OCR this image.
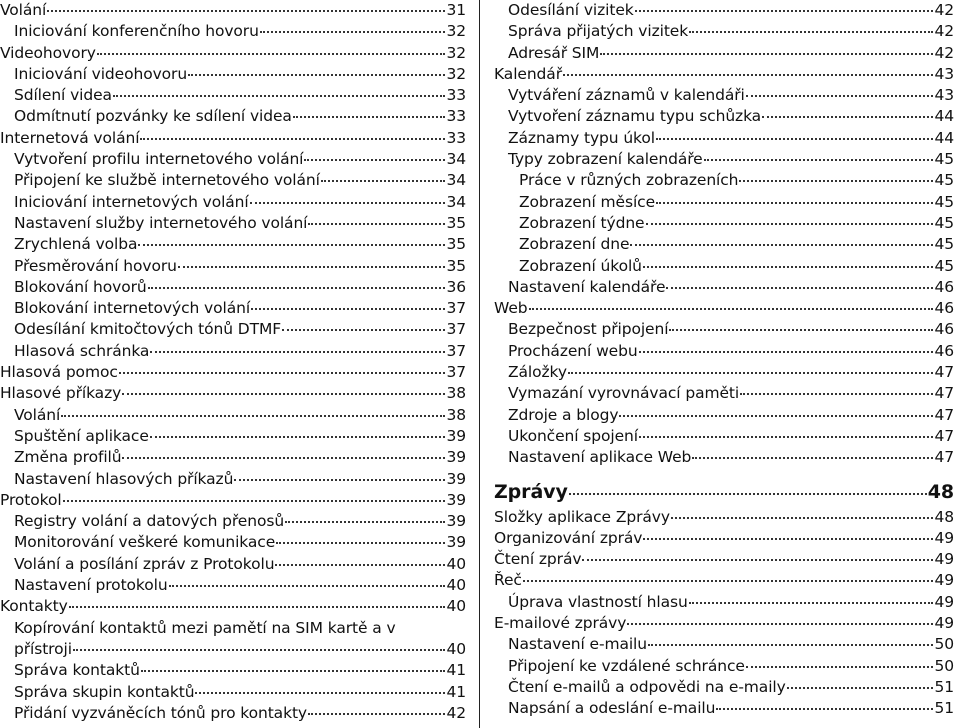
Volání	31
Iniciování konferenčního hovoru	32
Videohovory	32
Iniciování videohovoru	32
Sdílení videa	33
Odmítnutí pozvánky ke sdílení videa	33
Internetová volání	33
Vytvoření profilu internetového volání	34
Připojení ke službě internetového volání	34
Iniciování internetových volání	34
Nastavení služby internetového volání	35
Zrychlená volba	35
Přesměrování hovoru	35
Blokování hovorů	36
Blokování internetových volání	37
Odesílání kmitočtových tónů DTMF	37
Hlasová schránka	37
Hlasová pomoc	37
Hlasové příkazy	38
Volání	38
Spuštění aplikace	39
Změna profilů	39
Nastavení hlasových příkazů	39
Protokol	39
Registry volání a datových přenosů	39
Monitorování veškeré komunikace	39
Volání a posílání zpráv z Protokolu	40
Nastavení protokolu	40
Kontakty	40
Kopírování kontaktů mezi pamětí na SIM kartě a v
přístroji	40
Správa kontaktů	41
Správa skupin kontaktů	41
Přidání vyzváněcích tónů pro kontakty	42
Odesílání vizitek	42
Správa přijatých vizitek	42
Adresář SIM	42
Kalendář	43
Vytváření záznamů v kalendáři	43
Vytvoření záznamu typu schůzka	44
Záznamy typu úkol	44
Typy zobrazení kalendáře	45
Práce v různých zobrazeních	45
Zobrazení měsíce	45
Zobrazení týdne	45
Zobrazení dne	45
Zobrazení úkolů	45
Nastavení kalendáře	46
Web	46
Bezpečnost připojení	46
Procházení webu	46
Záložky	47
Vymazání vyrovnávací paměti	47
Zdroje a blogy	47
Ukončení spojení	47
Nastavení aplikace Web	47
Zprávy	48
Složky aplikace Zprávy	48
Organizování zpráv	49
Čtení zpráv	49
Řeč	49
Úprava vlastností hlasu	49
E-mailové zprávy	49
Nastavení e-mailu	50
Připojení ke vzdálené schránce	50
Čtení e-mailů a odpovědi na e-maily	51
Napsání a odeslání e-mailu	51
